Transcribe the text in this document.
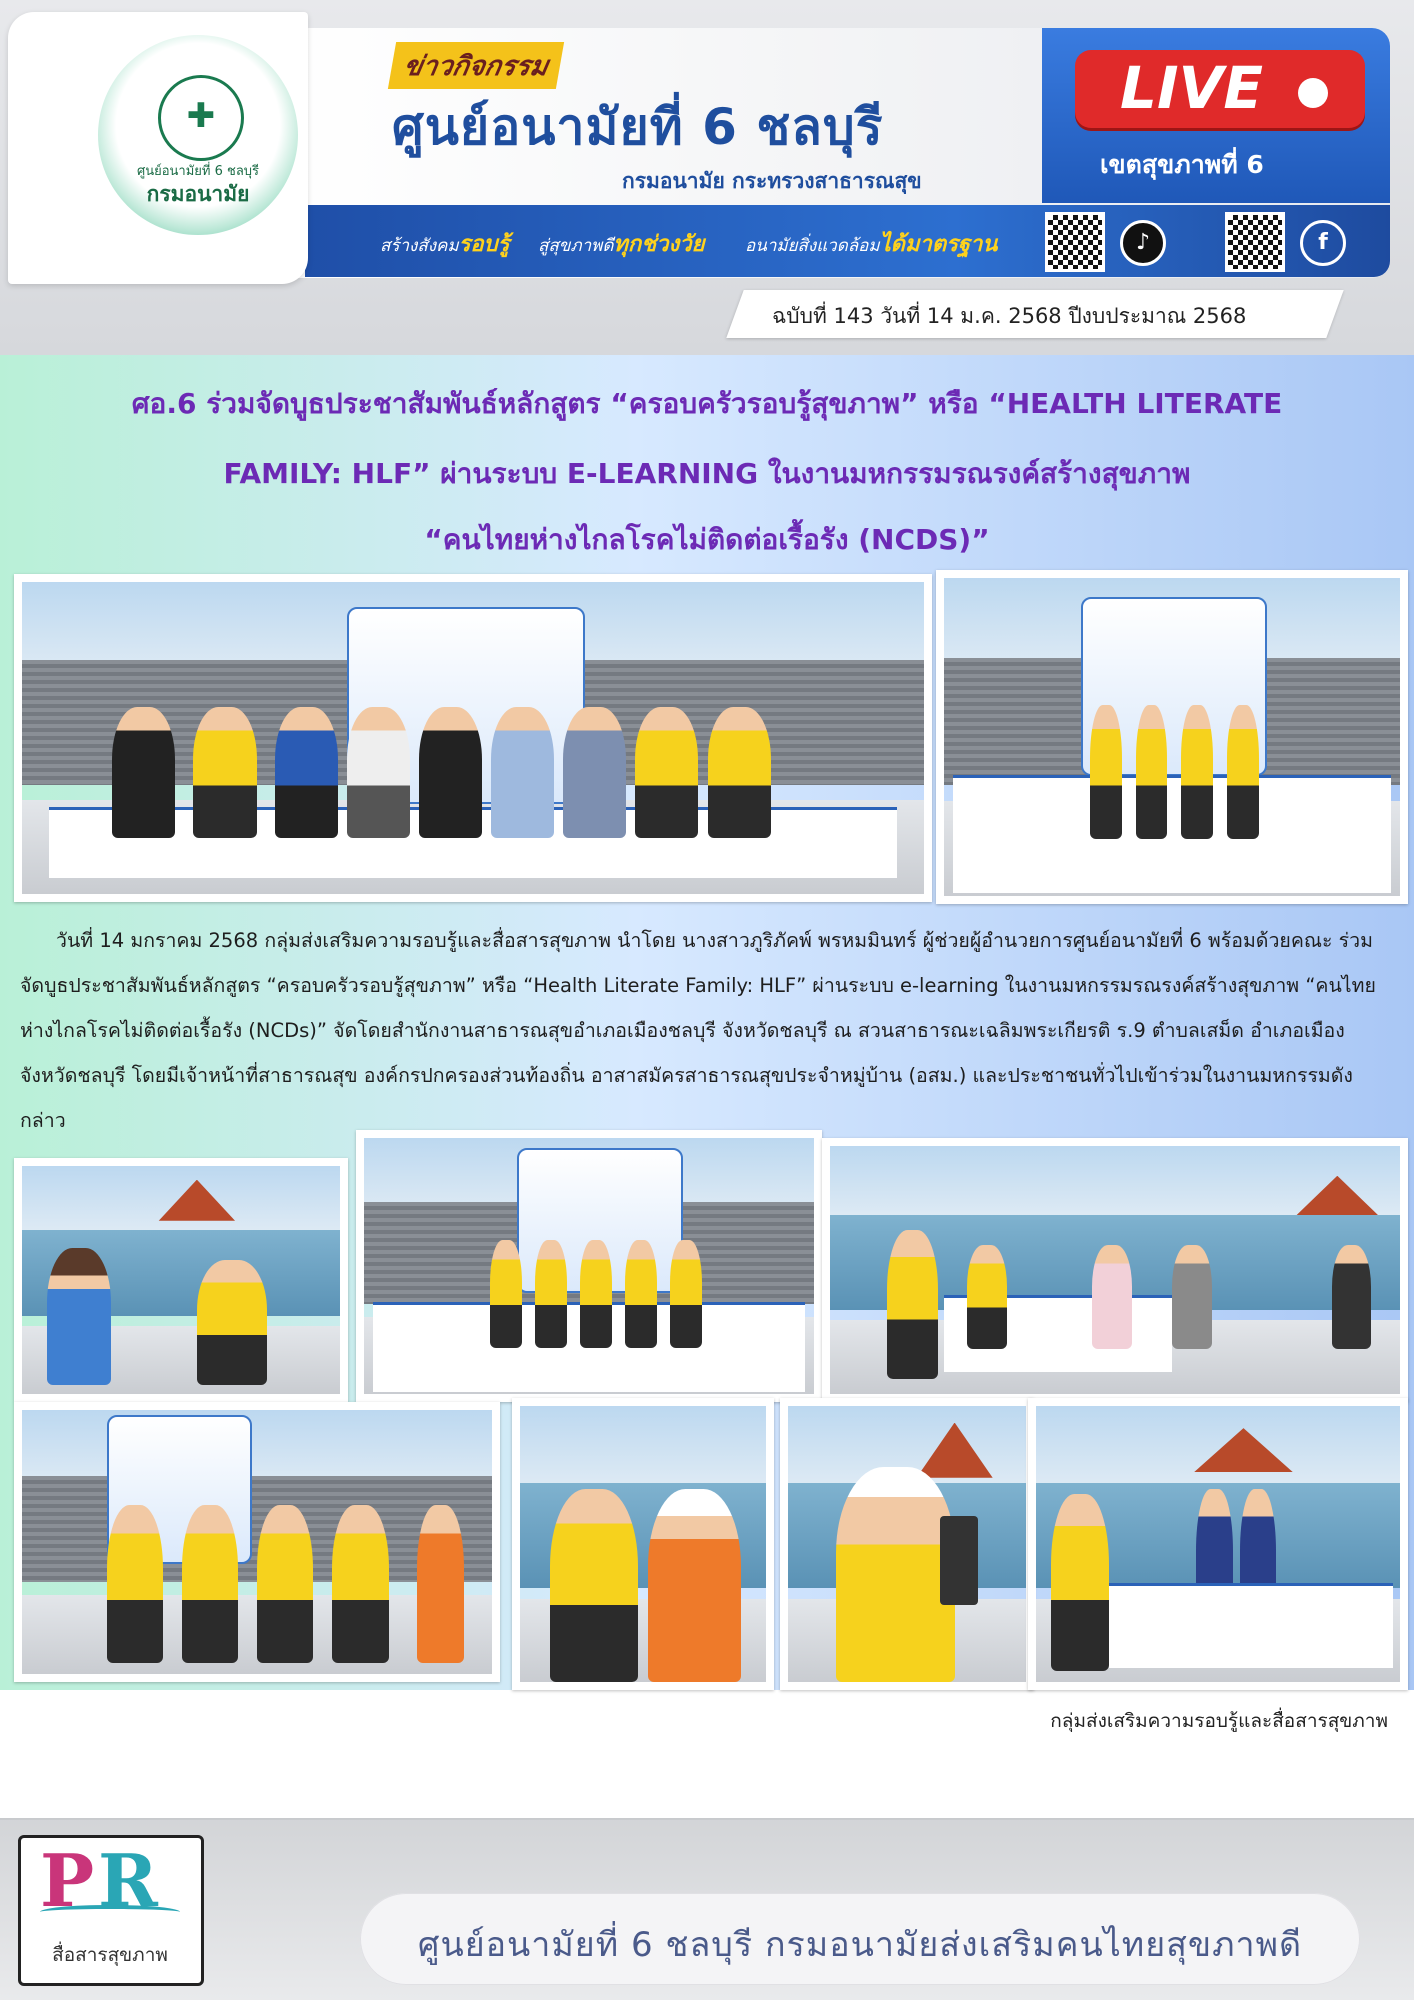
✚
ศูนย์อนามัยที่ 6 ชลบุรี
กรมอนามัย
ข่าวกิจกรรม
ศูนย์อนามัยที่ 6 ชลบุรี
กรมอนามัย กระทรวงสาธารณสุข
สร้างสังคมรอบรู้ สู่สุขภาพดีทุกช่วงวัย อนามัยสิ่งแวดล้อมได้มาตรฐาน
LIVE
เขตสุขภาพที่ 6
♪	f
ฉบับที่ 143 วันที่ 14 ม.ค. 2568 ปีงบประมาณ 2568
ศอ.6 ร่วมจัดบูธประชาสัมพันธ์หลักสูตร “ครอบครัวรอบรู้สุขภาพ” หรือ “HEALTH LITERATE
FAMILY: HLF” ผ่านระบบ E-LEARNING ในงานมหกรรมรณรงค์สร้างสุขภาพ
“คนไทยห่างไกลโรคไม่ติดต่อเรื้อรัง (NCDS)”

วันที่ 14 มกราคม 2568 กลุ่มส่งเสริมความรอบรู้และสื่อสารสุขภาพ นำโดย นางสาวภูริภัคพ์ พรหมมินทร์ ผู้ช่วยผู้อำนวยการศูนย์อนามัยที่ 6 พร้อมด้วยคณะ ร่วมจัดบูธประชาสัมพันธ์หลักสูตร “ครอบครัวรอบรู้สุขภาพ” หรือ “Health Literate Family: HLF” ผ่านระบบ e-learning ในงานมหกรรมรณรงค์สร้างสุขภาพ “คนไทยห่างไกลโรคไม่ติดต่อเรื้อรัง (NCDs)” จัดโดยสำนักงานสาธารณสุขอำเภอเมืองชลบุรี จังหวัดชลบุรี ณ สวนสาธารณะเฉลิมพระเกียรติ ร.9 ตำบลเสม็ด อำเภอเมือง จังหวัดชลบุรี โดยมีเจ้าหน้าที่สาธารณสุข องค์กรปกครองส่วนท้องถิ่น อาสาสมัครสาธารณสุขประจำหมู่บ้าน (อสม.) และประชาชนทั่วไปเข้าร่วมในงานมหกรรมดังกล่าว

กลุ่มส่งเสริมความรอบรู้และสื่อสารสุขภาพ
P R
สื่อสารสุขภาพ	ศูนย์อนามัยที่ 6 ชลบุรี กรมอนามัยส่งเสริมคนไทยสุขภาพดี
